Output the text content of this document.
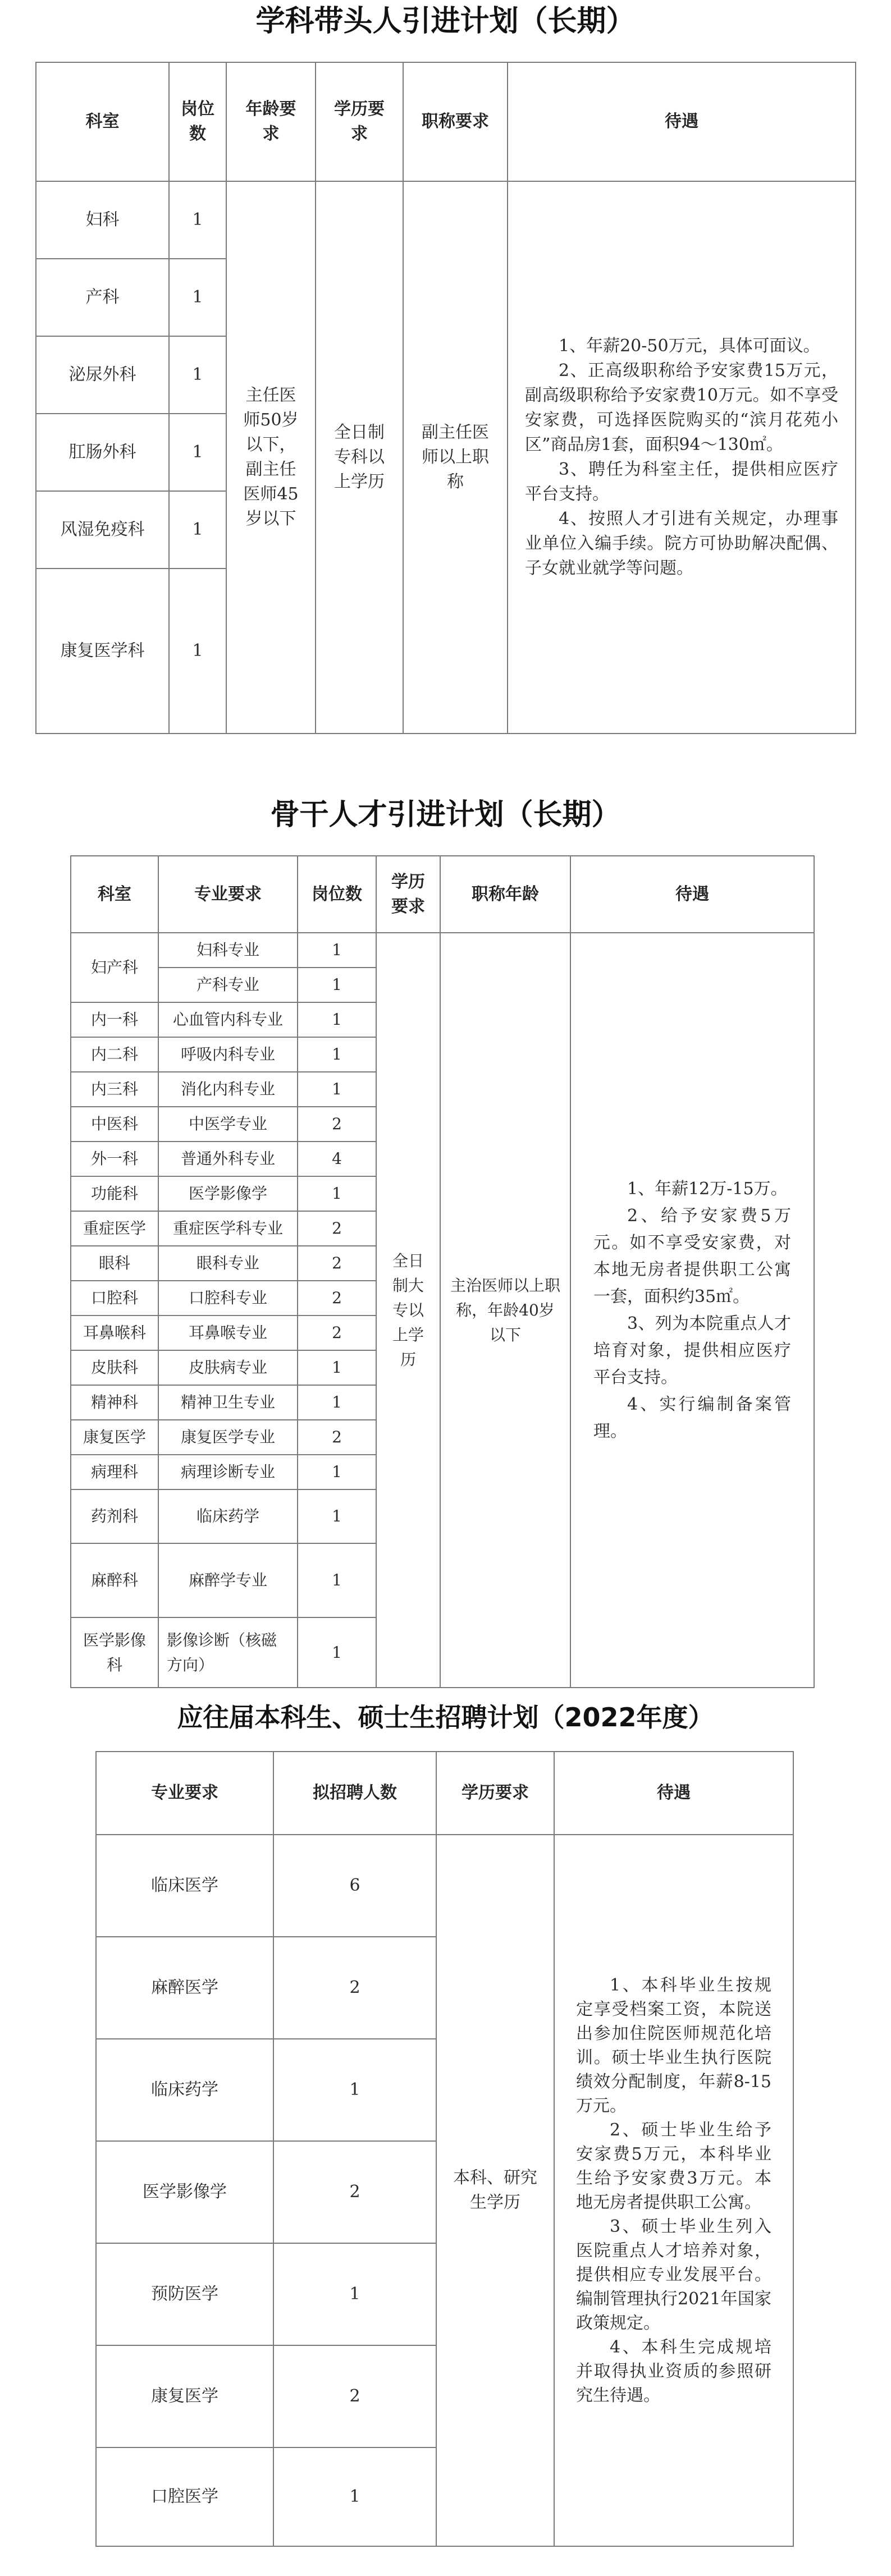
学科带头人引进计划（长期）
科室	岗位数	年龄要求	学历要求	职称要求	待遇
妇科	1	主任医师50岁以下，副主任医师45岁以下	全日制专科以上学历	副主任医师以上职称	1、年薪20-50万元，具体可面议。

2、正高级职称给予安家费15万元，副高级职称给予安家费10万元。如不享受安家费，可选择医院购买的“滨月花苑小区”商品房1套，面积94～130㎡。

3、聘任为科室主任，提供相应医疗平台支持。

4、按照人才引进有关规定，办理事业单位入编手续。院方可协助解决配偶、子女就业就学等问题。

产科	1				
泌尿外科	1				
肛肠外科	1				
风湿免疫科	1				
康复医学科	1				
骨干人才引进计划（长期）
科室	专业要求	岗位数	学历要求	职称年龄	待遇
妇产科	妇科专业	1	全日制大专以上学历	主治医师以上职称，年龄40岁以下	1、年薪12万-15万。

2、给予安家费5万元。如不享受安家费，对本地无房者提供职工公寓一套，面积约35㎡。

3、列为本院重点人才培育对象，提供相应医疗平台支持。

4、实行编制备案管理。

	产科专业	1			
内一科	心血管内科专业	1			
内二科	呼吸内科专业	1			
内三科	消化内科专业	1			
中医科	中医学专业	2			
外一科	普通外科专业	4			
功能科	医学影像学	1			
重症医学	重症医学科专业	2			
眼科	眼科专业	2			
口腔科	口腔科专业	2			
耳鼻喉科	耳鼻喉专业	2			
皮肤科	皮肤病专业	1			
精神科	精神卫生专业	1			
康复医学	康复医学专业	2			
病理科	病理诊断专业	1			
药剂科	临床药学	1			
麻醉科	麻醉学专业	1			
医学影像科	影像诊断（核磁方向）	1			
应往届本科生、硕士生招聘计划（2022年度）
专业要求	拟招聘人数	学历要求	待遇
临床医学	6	本科、研究生学历	1、本科毕业生按规定享受档案工资，本院送出参加住院医师规范化培训。硕士毕业生执行医院绩效分配制度，年薪8-15万元。

2、硕士毕业生给予安家费5万元，本科毕业生给予安家费3万元。本地无房者提供职工公寓。

3、硕士毕业生列入医院重点人才培养对象，提供相应专业发展平台。编制管理执行2021年国家政策规定。

4、本科生完成规培并取得执业资质的参照研究生待遇。

麻醉医学	2		
临床药学	1		
医学影像学	2		
预防医学	1		
康复医学	2		
口腔医学	1		
